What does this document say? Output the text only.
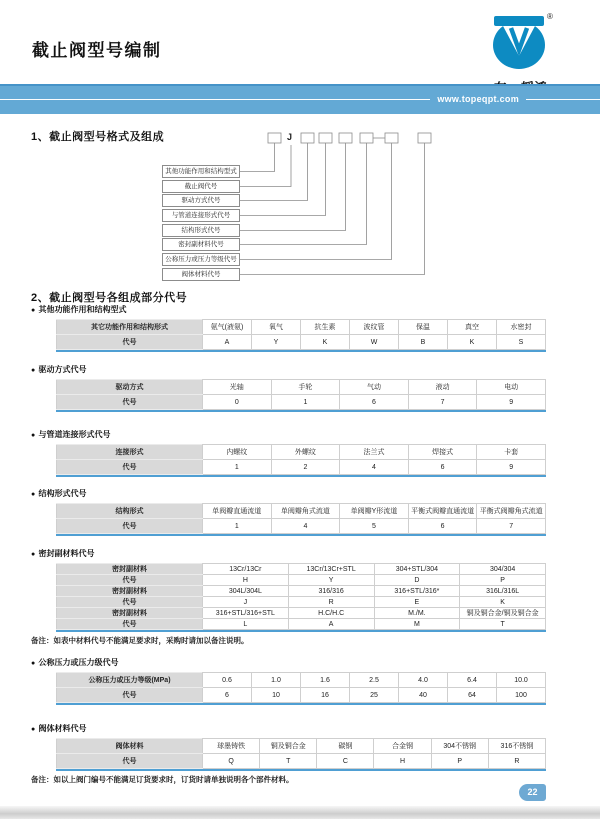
截止阀型号编制
®
www.topeqpt.com
1、截止阀型号格式及组成	J
其他功能作用和结构型式
截止阀代号
驱动方式代号
与管道连接形式代号
结构形式代号
密封副材料代号
公称压力或压力等级代号
阀体材料代号
2、截止阀型号各组成部分代号
● 其他功能作用和结构型式
其它功能作用和结构形式	氨气(液氨)	氧气	抗生素	波纹管	保温	真空	水密封
代号	A	Y	K	W	B	K	S
● 驱动方式代号
驱动方式	光轴	手轮	气动	液动	电动
代号	0	1	6	7	9
● 与管道连接形式代号
连接形式	内螺纹	外螺纹	法兰式	焊接式	卡套
代号	1	2	4	6	9
● 结构形式代号
结构形式	单阀瓣直通流道	单阀瓣角式流道	单阀瓣Y形流道	平衡式阀瓣直通流道	平衡式阀瓣角式流道
代号	1	4	5	6	7
● 密封副材料代号
密封副材料	13Cr/13Cr	13Cr/13Cr+STL	304+STL/304	304/304
代号	H	Y	D	P
密封副材料	304L/304L	316/316	316+STL/316*	316L/316L
代号	J	R	E	K
密封副材料	316+STL/316+STL	H.C/H.C	M./M.	铜及铜合金/铜及铜合金
代号	L	A	M	T
备注：如表中材料代号不能满足要求时，采购时请加以备注说明。
● 公称压力或压力级代号
公称压力或压力等级(MPa)	0.6	1.0	1.6	2.5	4.0	6.4	10.0
代号	6	10	16	25	40	64	100
● 阀体材料代号
阀体材料	球墨铸铁	铜及铜合金	碳钢	合金钢	304不锈钢	316不锈钢
代号	Q	T	C	H	P	R
备注：如以上阀门编号不能满足订货要求时，订货时请单独说明各个部件材料。
22
